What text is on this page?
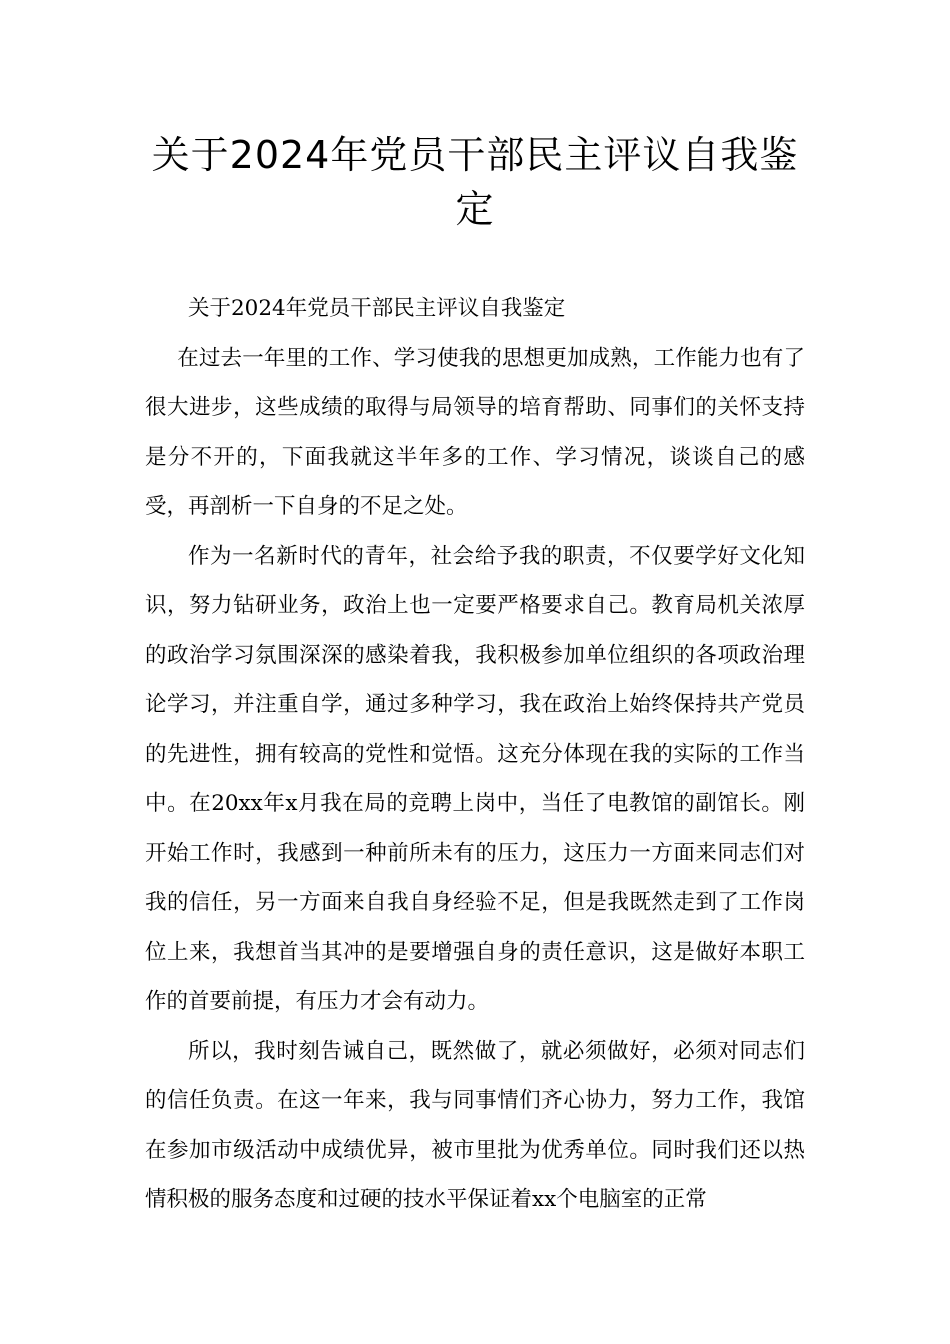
关于2024年党员干部民主评议自我鉴定

关于2024年党员干部民主评议自我鉴定

在过去一年里的工作、学习使我的思想更加成熟，工作能力也有了很大进步，这些成绩的取得与局领导的培育帮助、同事们的关怀支持是分不开的，下面我就这半年多的工作、学习情况，谈谈自己的感受，再剖析一下自身的不足之处。

作为一名新时代的青年，社会给予我的职责，不仅要学好文化知识，努力钻研业务，政治上也一定要严格要求自己。教育局机关浓厚的政治学习氛围深深的感染着我，我积极参加单位组织的各项政治理论学习，并注重自学，通过多种学习，我在政治上始终保持共产党员的先进性，拥有较高的党性和觉悟。这充分体现在我的实际的工作当中。在20xx年x月我在局的竞聘上岗中，当任了电教馆的副馆长。刚开始工作时，我感到一种前所未有的压力，这压力一方面来同志们对我的信任，另一方面来自我自身经验不足，但是我既然走到了工作岗位上来，我想首当其冲的是要增强自身的责任意识，这是做好本职工作的首要前提，有压力才会有动力。

所以，我时刻告诫自己，既然做了，就必须做好，必须对同志们的信任负责。在这一年来，我与同事情们齐心协力，努力工作，我馆在参加市级活动中成绩优异，被市里批为优秀单位。同时我们还以热情积极的服务态度和过硬的技水平保证着xx个电脑室的正常
